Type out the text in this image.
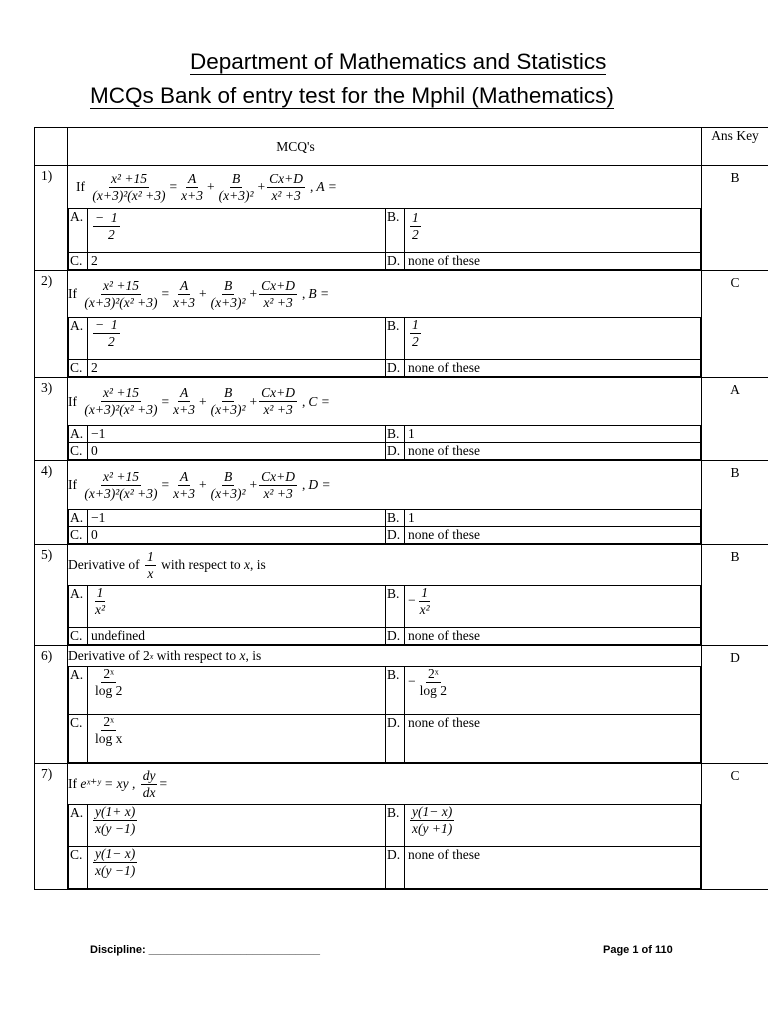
Department of Mathematics and Statistics
MCQs Bank of entry test for the Mphil (Mathematics)
	MCQ's	Ans Key
1)	
If
$\frac{\text{x² +15}}{\text{(x+3)²(x² +3)}} = \frac{A}{x+3} + \frac{B}{\text{(x+3)²}} + \frac{Cx+D}{\text{x² +3}}$ , A =
A.	$\frac{- 1}{2}$	B.	$\frac{1}{2}$

C.	2	D.	none of these
	B
2)	
If
$\frac{\text{x² +15}}{\text{(x+3)²(x² +3)}} = \frac{A}{x+3} + \frac{B}{\text{(x+3)²}} + \frac{Cx+D}{\text{x² +3}}$ , B =
A.	$\frac{- 1}{2}$	B.	$\frac{1}{2}$

C.	2	D.	none of these
	C
3)	
If
$\frac{\text{x² +15}}{\text{(x+3)²(x² +3)}} = \frac{A}{x+3} + \frac{B}{\text{(x+3)²}} + \frac{Cx+D}{\text{x² +3}}$ , C =
A.	−1	B.	1
C.	0	D.	none of these
	A
4)	
If
$\frac{\text{x² +15}}{\text{(x+3)²(x² +3)}} = \frac{A}{x+3} + \frac{B}{\text{(x+3)²}} + \frac{Cx+D}{\text{x² +3}}$ , D =
A.	−1	B.	1
C.	0	D.	none of these
	B
5)	
Derivative of
$\frac{1}{x}$
with respect to
x , is
A.	$\frac{1}{\text{x²}}$	B.	− $\frac{1}{\text{x²}}$

C.	undefined	D.	none of these
	B
6)	Derivative of
2 x
with respect to
x , is
A.	$\frac{\text{2ˣ}}{\log 2}$	B.	− $\frac{\text{2ˣ}}{\log 2}$

C.	$\frac{\text{2ˣ}}{\text{log x}}$	D.	none of these
	D
7)	
If
eˣ⁺ʸ = xy ,
$\frac{dy}{dx}$ =
A.	$\frac{y(1+ x)}{x(y -1)}$	B.	$\frac{y(1- x)}{x(y +1)}$

C.	$\frac{y(1- x)}{x(y -1)}$	D.	none of these
	C
Discipline: ____________________________	Page 1 of 110
